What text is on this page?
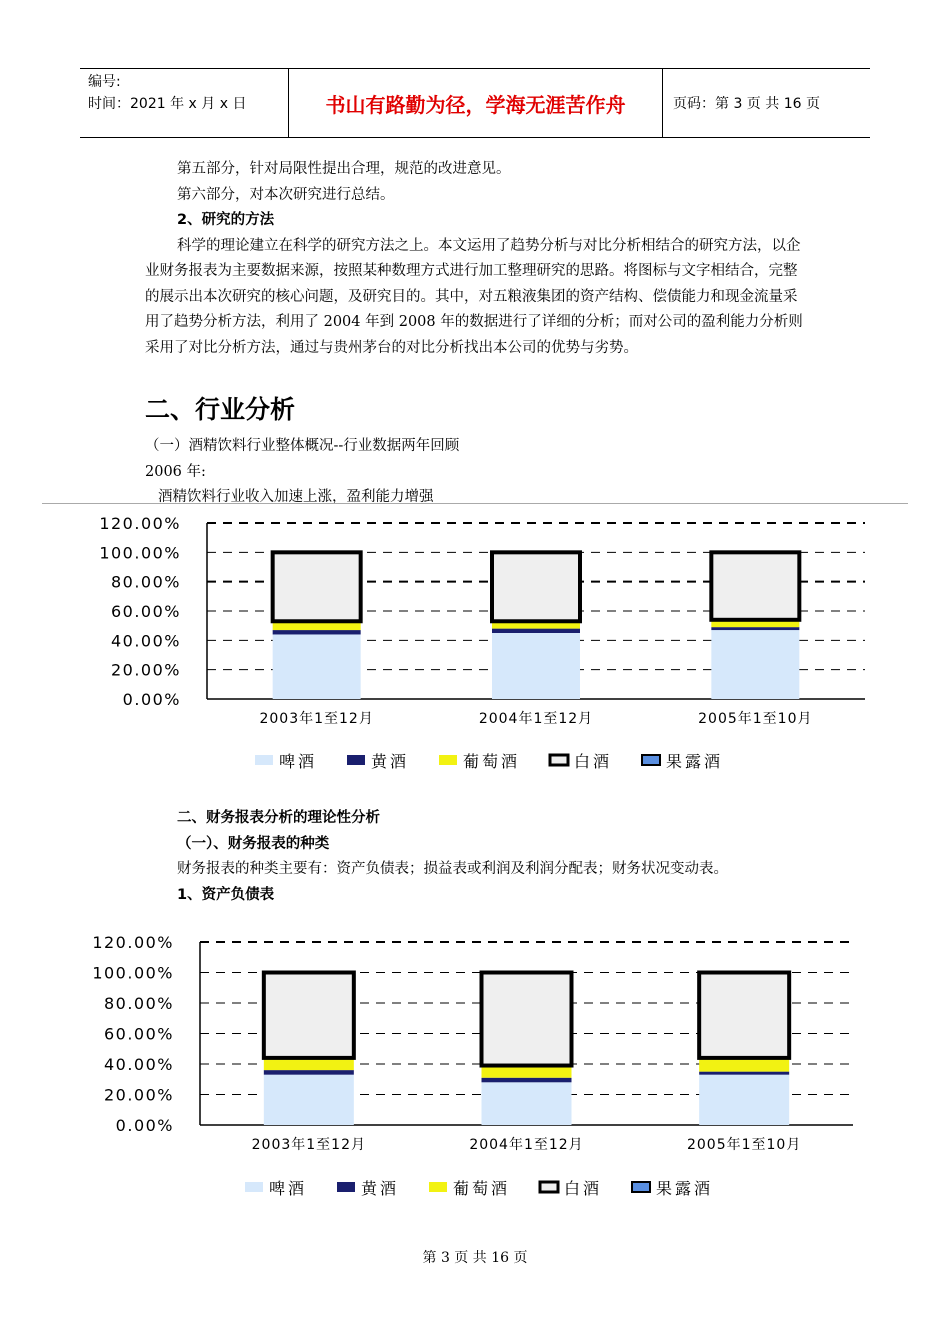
编号:
时间：2021 年 x 月 x 日	书山有路勤为径，学海无涯苦作舟	页码：第 3 页 共 16 页

第五部分，针对局限性提出合理，规范的改进意见。

第六部分，对本次研究进行总结。

2、研究的方法

科学的理论建立在科学的研究方法之上。本文运用了趋势分析与对比分析相结合的研究方法，以企业财务报表为主要数据来源，按照某种数理方式进行加工整理研究的思路。将图标与文字相结合，完整的展示出本次研究的核心问题，及研究目的。其中，对五粮液集团的资产结构、偿债能力和现金流量采用了趋势分析方法，利用了 2004 年到 2008 年的数据进行了详细的分析；而对公司的盈利能力分析则采用了对比分析方法，通过与贵州茅台的对比分析找出本公司的优势与劣势。

二、行业分析
（一）酒精饮料行业整体概况--行业数据两年回顾
2006 年:
酒精饮料行业收入加速上涨，盈利能力增强
120.00%
100.00%
80.00%
60.00%
40.00%
20.00%
0.00%
2003年1至12月	2004年1至12月	2005年1至10月
啤酒	黄酒	葡萄酒	白酒	果露酒

二、财务报表分析的理论性分析

（一）、财务报表的种类

财务报表的种类主要有：资产负债表；损益表或利润及利润分配表；财务状况变动表。

1、资产负债表

120.00%
100.00%
80.00%
60.00%
40.00%
20.00%
0.00%
2003年1至12月	2004年1至12月	2005年1至10月
啤酒	黄酒	葡萄酒	白酒	果露酒
第 3 页 共 16 页
